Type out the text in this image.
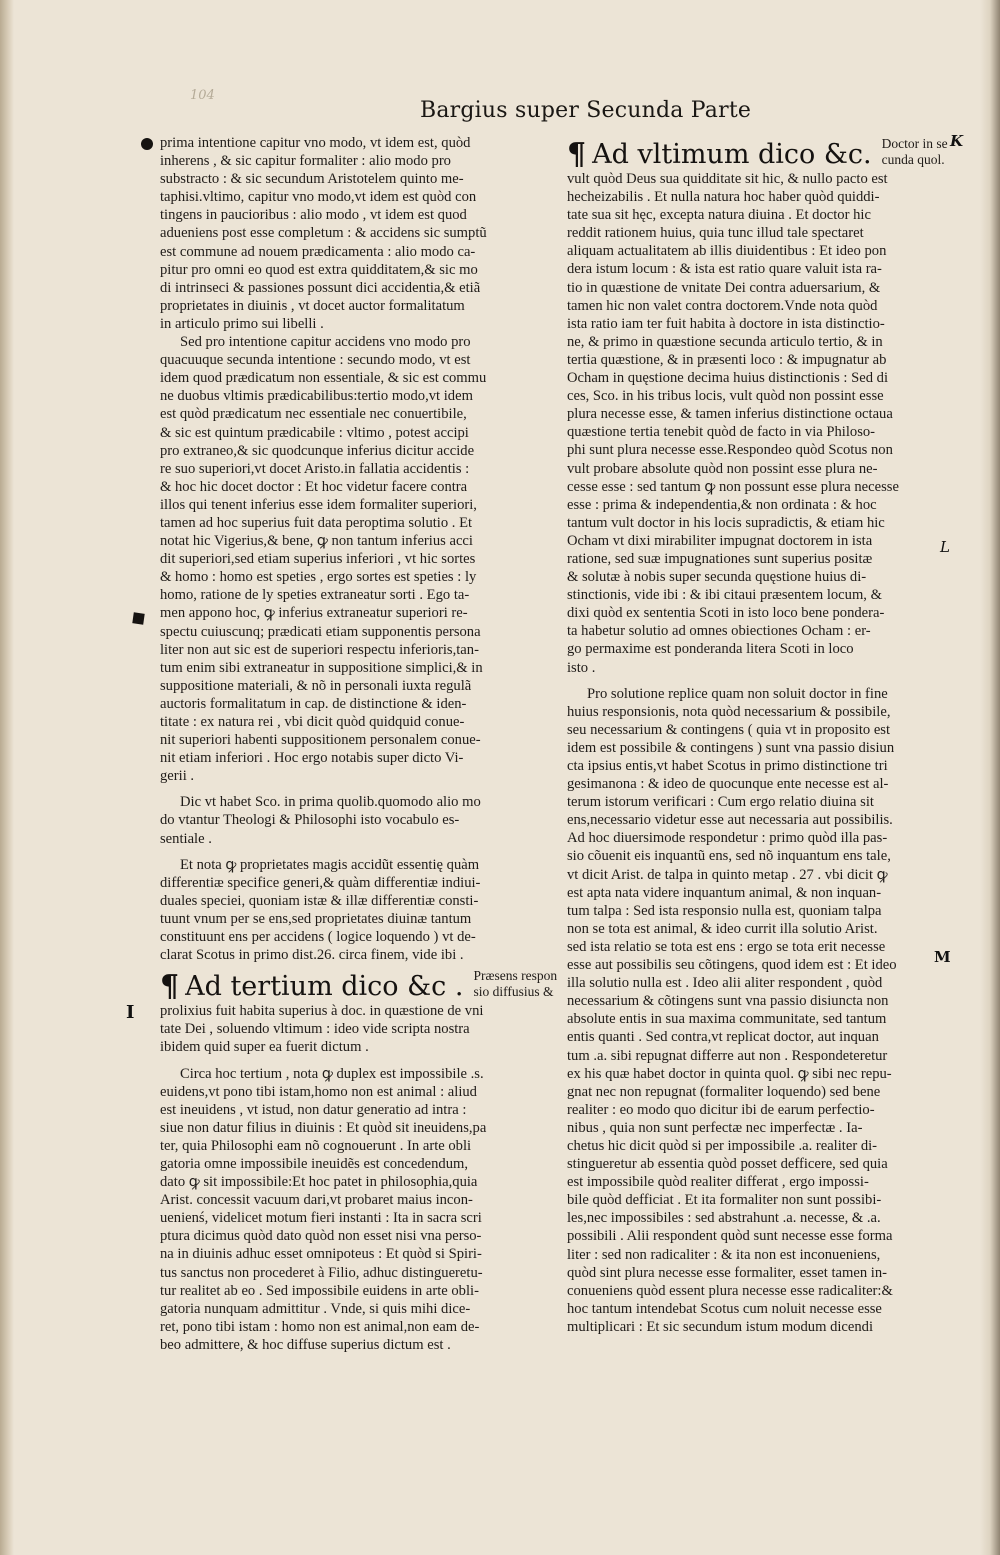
104
Bargius super Secunda Parte
I
K
L
M
prima intentione capitur vno modo, vt idem est, quòd
inherens , & sic capitur formaliter : alio modo pro
substracto : & sic secundum Aristotelem quinto me-
taphisi.vltimo, capitur vno modo,vt idem est quòd con
tingens in paucioribus : alio modo , vt idem est quod
adueniens post esse completum : & accidens sic sumptũ
est commune ad nouem prædicamenta : alio modo ca-
pitur pro omni eo quod est extra quidditatem,& sic mo
di intrinseci & passiones possunt dici accidentia,& etiã
proprietates in diuinis , vt docet auctor formalitatum
in articulo primo sui libelli .
Sed pro intentione capitur accidens vno modo pro
quacuuque secunda intentione : secundo modo, vt est
idem quod prædicatum non essentiale, & sic est commu
ne duobus vltimis prædicabilibus:tertio modo,vt idem
est quòd prædicatum nec essentiale nec conuertibile,
& sic est quintum prædicabile : vltimo , potest accipi
pro extraneo,& sic quodcunque inferius dicitur accide
re suo superiori,vt docet Aristo.in fallatia accidentis :
& hoc hic docet doctor : Et hoc videtur facere contra
illos qui tenent inferius esse idem formaliter superiori,
tamen ad hoc superius fuit data peroptima solutio . Et
notat hic Vigerius,& bene, ꝙ non tantum inferius acci
dit superiori,sed etiam superius inferiori , vt hic sortes
& homo : homo est speties , ergo sortes est speties : ly
homo, ratione de ly speties extraneatur sorti . Ego ta-
men appono hoc, ꝙ inferius extraneatur superiori re-
spectu cuiuscunq; prædicati etiam supponentis persona
liter non aut sic est de superiori respectu inferioris,tan-
tum enim sibi extraneatur in suppositione simplici,& in
suppositione materiali, & nõ in personali iuxta regulã
auctoris formalitatum in cap. de distinctione & iden-
titate : ex natura rei , vbi dicit quòd quidquid conue-
nit superiori habenti suppositionem personalem conue-
nit etiam inferiori . Hoc ergo notabis super dicto Vi-
gerii .
Dic vt habet Sco. in prima quolib.quomodo alio mo
do vtantur Theologi & Philosophi isto vocabulo es-
sentiale .
Et nota ꝙ proprietates magis accidũt essentię quàm
differentiæ specifice generi,& quàm differentiæ indiui-
duales speciei, quoniam istæ & illæ differentiæ consti-
tuunt vnum per se ens,sed proprietates diuinæ tantum
constituunt ens per accidens ( logice loquendo ) vt de-
clarat Scotus in primo dist.26. circa finem, vide ibi .
¶ Ad tertium dico &c . Præsens respon
sio diffusius &
prolixius fuit habita superius à doc. in quæstione de vni
tate Dei , soluendo vltimum : ideo vide scripta nostra
ibidem quid super ea fuerit dictum .
Circa hoc tertium , nota ꝙ duplex est impossibile .s.
euidens,vt pono tibi istam,homo non est animal : aliud
est ineuidens , vt istud, non datur generatio ad intra :
siue non datur filius in diuinis : Et quòd sit ineuidens,pa
ter, quia Philosophi eam nõ cognouerunt . In arte obli
gatoria omne impossibile ineuidẽs est concedendum,
dato ꝙ sit impossibile:Et hoc patet in philosophia,quia
Arist. concessit vacuum dari,vt probaret maius incon-
uenienś, videlicet motum fieri instanti : Ita in sacra scri
ptura dicimus quòd dato quòd non esset nisi vna perso-
na in diuinis adhuc esset omnipoteus : Et quòd si Spiri-
tus sanctus non procederet à Filio, adhuc distingueretu-
tur realitet ab eo . Sed impossibile euidens in arte obli-
gatoria nunquam admittitur . Vnde, si quis mihi dice-
ret, pono tibi istam : homo non est animal,non eam de-
beo admittere, & hoc diffuse superius dictum est .
¶ Ad vltimum dico &c. Doctor in se
cunda quol.
vult quòd Deus sua quidditate sit hic, & nullo pacto est
hecheizabilis . Et nulla natura hoc haber quòd quiddi-
tate sua sit hęc, excepta natura diuina . Et doctor hic
reddit rationem huius, quia tunc illud tale spectaret
aliquam actualitatem ab illis diuidentibus : Et ideo pon
dera istum locum : & ista est ratio quare valuit ista ra-
tio in quæstione de vnitate Dei contra aduersarium, &
tamen hic non valet contra doctorem.Vnde nota quòd
ista ratio iam ter fuit habita à doctore in ista distinctio-
ne, & primo in quæstione secunda articulo tertio, & in
tertia quæstione, & in præsenti loco : & impugnatur ab
Ocham in quęstione decima huius distinctionis : Sed di
ces, Sco. in his tribus locis, vult quòd non possint esse
plura necesse esse, & tamen inferius distinctione octaua
quæstione tertia tenebit quòd de facto in via Philoso-
phi sunt plura necesse esse.Respondeo quòd Scotus non
vult probare absolute quòd non possint esse plura ne-
cesse esse : sed tantum ꝙ non possunt esse plura necesse
esse : prima & independentia,& non ordinata : & hoc
tantum vult doctor in his locis supradictis, & etiam hic
Ocham vt dixi mirabiliter impugnat doctorem in ista
ratione, sed suæ impugnationes sunt superius positæ
& solutæ à nobis super secunda quęstione huius di-
stinctionis, vide ibi : & ibi citaui præsentem locum, &
dixi quòd ex sententia Scoti in isto loco bene pondera-
ta habetur solutio ad omnes obiectiones Ocham : er-
go permaxime est ponderanda litera Scoti in loco
isto .
Pro solutione replice quam non soluit doctor in fine
huius responsionis, nota quòd necessarium & possibile,
seu necessarium & contingens ( quia vt in proposito est
idem est possibile & contingens ) sunt vna passio disiun
cta ipsius entis,vt habet Scotus in primo distinctione tri
gesimanona : & ideo de quocunque ente necesse est al-
terum istorum verificari : Cum ergo relatio diuina sit
ens,necessario videtur esse aut necessaria aut possibilis.
Ad hoc diuersimode respondetur : primo quòd illa pas-
sio cõuenit eis inquantũ ens, sed nõ inquantum ens tale,
vt dicit Arist. de talpa in quinto metap . 27 . vbi dicit ꝙ
est apta nata videre inquantum animal, & non inquan-
tum talpa : Sed ista responsio nulla est, quoniam talpa
non se tota est animal, & ideo currit illa solutio Arist.
sed ista relatio se tota est ens : ergo se tota erit necesse
esse aut possibilis seu cõtingens, quod idem est : Et ideo
illa solutio nulla est . Ideo alii aliter respondent , quòd
necessarium & cõtingens sunt vna passio disiuncta non
absolute entis in sua maxima communitate, sed tantum
entis quanti . Sed contra,vt replicat doctor, aut inquan
tum .a. sibi repugnat differre aut non . Respondeteretur
ex his quæ habet doctor in quinta quol. ꝙ sibi nec repu-
gnat nec non repugnat (formaliter loquendo) sed bene
realiter : eo modo quo dicitur ibi de earum perfectio-
nibus , quia non sunt perfectæ nec imperfectæ . Ia-
chetus hic dicit quòd si per impossibile .a. realiter di-
stingueretur ab essentia quòd posset defficere, sed quia
est impossibile quòd realiter differat , ergo impossi-
bile quòd defficiat . Et ita formaliter non sunt possibi-
les,nec impossibiles : sed abstrahunt .a. necesse, & .a.
possibili . Alii respondent quòd sunt necesse esse forma
liter : sed non radicaliter : & ita non est inconueniens,
quòd sint plura necesse esse formaliter, esset tamen in-
conueniens quòd essent plura necesse esse radicaliter:&
hoc tantum intendebat Scotus cum noluit necesse esse
multiplicari : Et sic secundum istum modum dicendi
